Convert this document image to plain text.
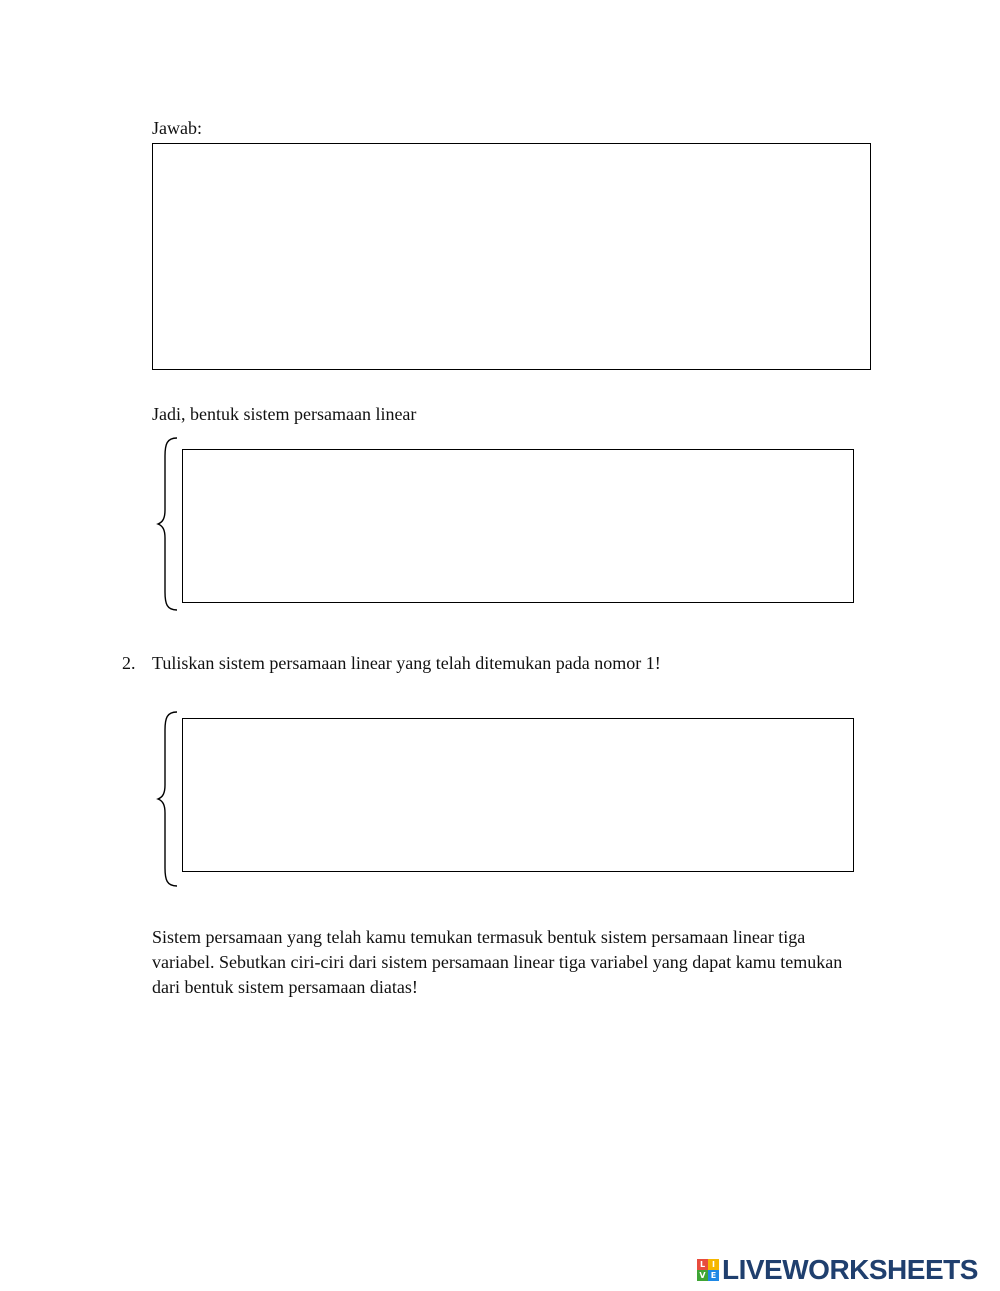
Jawab:
Jadi, bentuk sistem persamaan linear
2. Tuliskan sistem persamaan linear yang telah ditemukan pada nomor 1!
Sistem persamaan yang telah kamu temukan termasuk bentuk sistem persamaan linear tiga variabel. Sebutkan ciri-ciri dari sistem persamaan linear tiga variabel yang dapat kamu temukan dari bentuk sistem persamaan diatas!
L I
V E LIVEWORKSHEETS
